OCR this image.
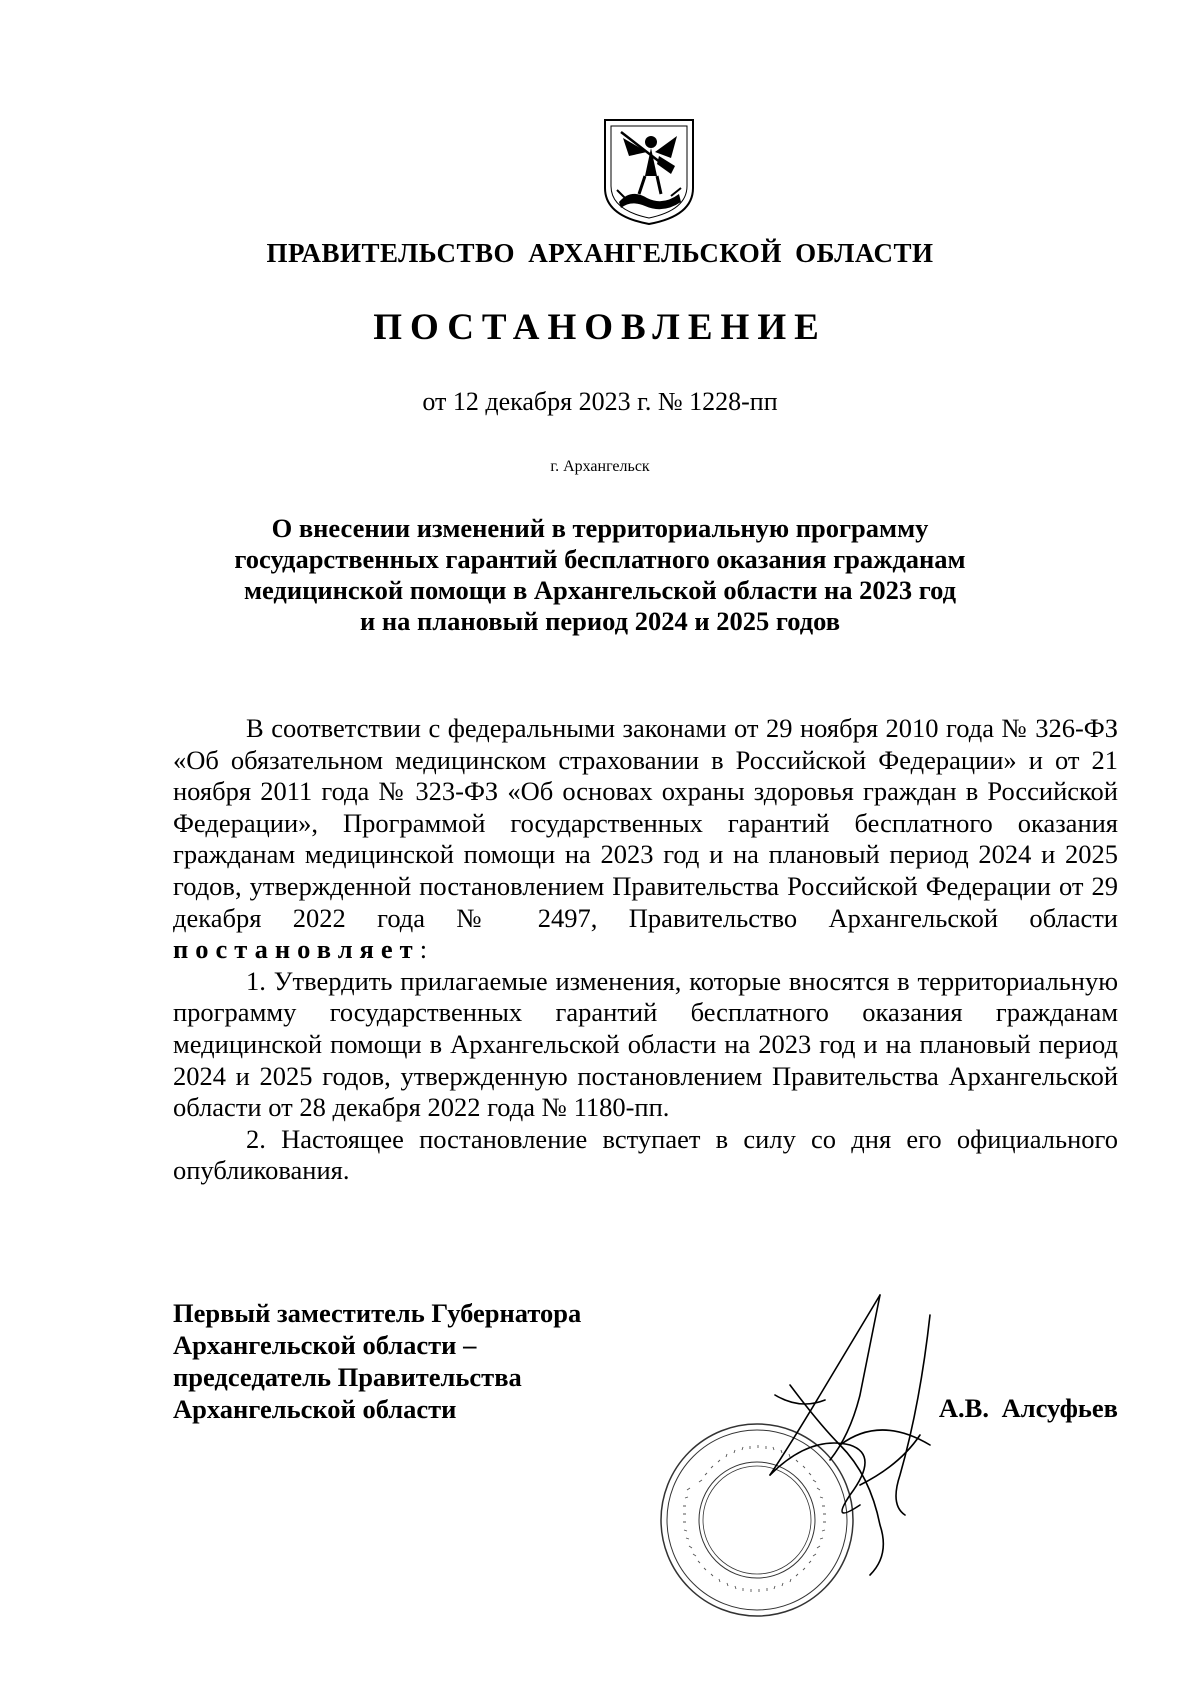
ПРАВИТЕЛЬСТВО АРХАНГЕЛЬСКОЙ ОБЛАСТИ
ПОСТАНОВЛЕНИЕ
от 12 декабря 2023 г. № 1228-пп
г. Архангельск
О внесении изменений в территориальную программу
государственных гарантий бесплатного оказания гражданам
медицинской помощи в Архангельской области на 2023 год
и на плановый период 2024 и 2025 годов

В соответствии с федеральными законами от 29 ноября 2010 года № 326-ФЗ «Об обязательном медицинском страховании в Российской Федерации» и от 21 ноября 2011 года № 323-ФЗ «Об основах охраны здоровья граждан в Российской Федерации», Программой государственных гарантий бесплатного оказания гражданам медицинской помощи на 2023 год и на плановый период 2024 и 2025 годов, утвержденной постановлением Правительства Российской Федерации от 29 декабря 2022 года № 2497, Правительство Архангельской области постановляет:

1. Утвердить прилагаемые изменения, которые вносятся в территориальную программу государственных гарантий бесплатного оказания гражданам медицинской помощи в Архангельской области на 2023 год и на плановый период 2024 и 2025 годов, утвержденную постановлением Правительства Архангельской области от 28 декабря 2022 года № 1180-пп.

2. Настоящее постановление вступает в силу со дня его официального опубликования.

Первый заместитель Губернатора
Архангельской области –
председатель Правительства
Архангельской области	А.В. Алсуфьев
